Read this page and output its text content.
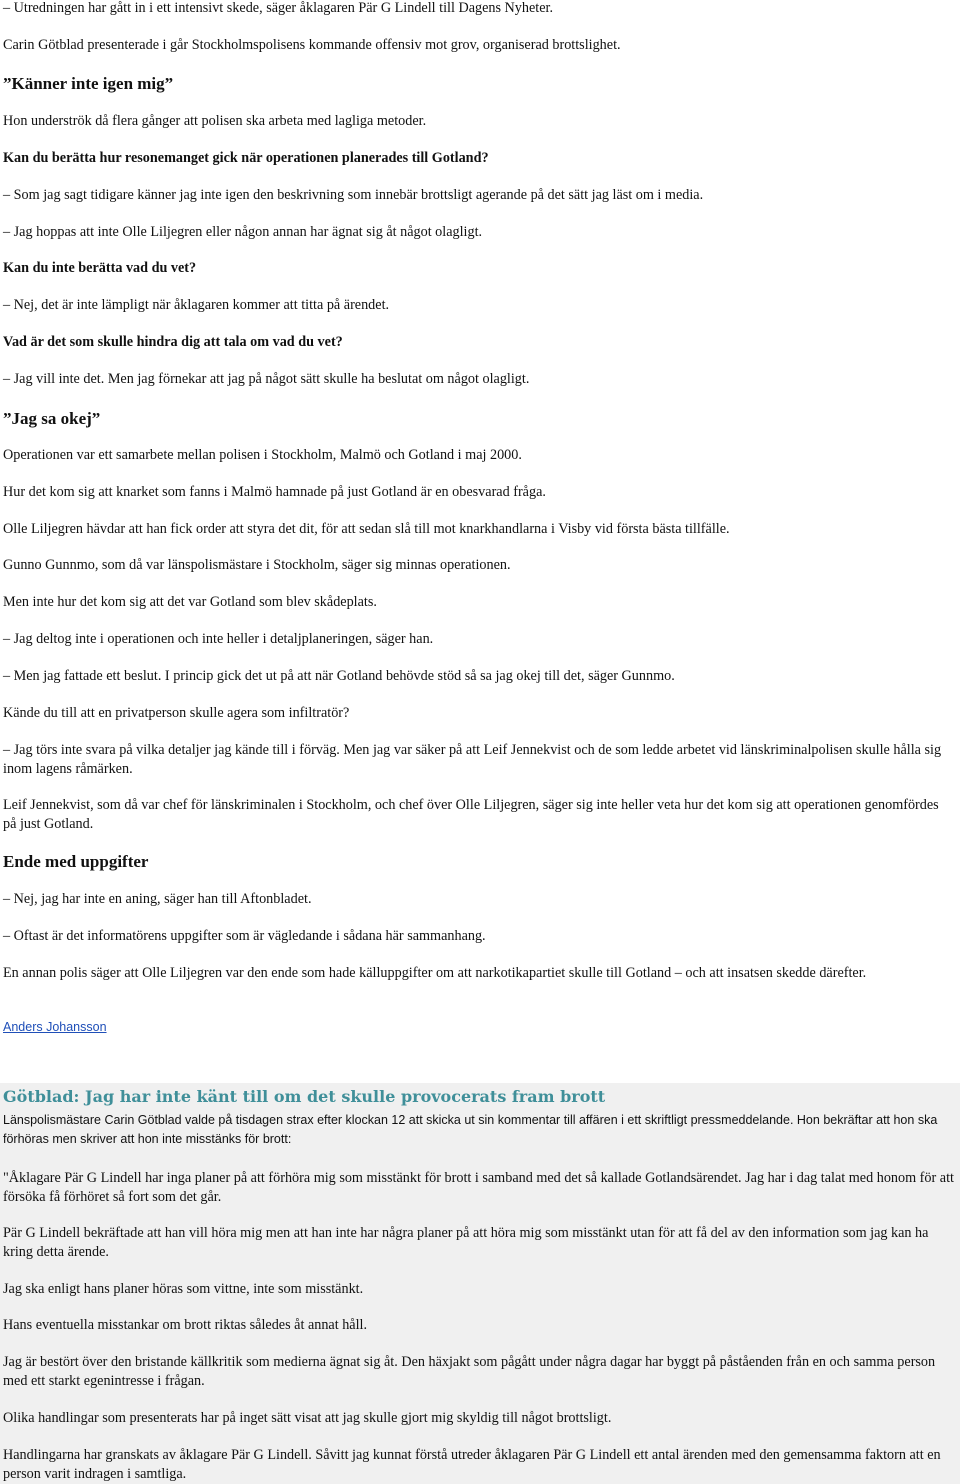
– Utredningen har gått in i ett intensivt skede, säger åklagaren Pär G Lindell till Dagens Nyheter.

Carin Götblad presenterade i går Stockholmspolisens kommande offensiv mot grov, organiserad brottslighet.

”Känner inte igen mig”

Hon underströk då flera gånger att polisen ska arbeta med lagliga metoder.

Kan du berätta hur resonemanget gick när operationen planerades till Gotland?

– Som jag sagt tidigare känner jag inte igen den beskrivning som innebär brottsligt agerande på det sätt jag läst om i media.

– Jag hoppas att inte Olle Liljegren eller någon annan har ägnat sig åt något olagligt.

Kan du inte berätta vad du vet?

– Nej, det är inte lämpligt när åklagaren kommer att titta på ärendet.

Vad är det som skulle hindra dig att tala om vad du vet?

– Jag vill inte det. Men jag förnekar att jag på något sätt skulle ha beslutat om något olagligt.

”Jag sa okej”

Operationen var ett samarbete mellan polisen i Stockholm, Malmö och Gotland i maj 2000.

Hur det kom sig att knarket som fanns i Malmö hamnade på just Gotland är en obesvarad fråga.

Olle Liljegren hävdar att han fick order att styra det dit, för att sedan slå till mot knarkhandlarna i Visby vid första bästa tillfälle.

Gunno Gunnmo, som då var länspolismästare i Stockholm, säger sig minnas operationen.

Men inte hur det kom sig att det var Gotland som blev skådeplats.

– Jag deltog inte i operationen och inte heller i detaljplaneringen, säger han.

– Men jag fattade ett beslut. I princip gick det ut på att när Gotland behövde stöd så sa jag okej till det, säger Gunnmo.

Kände du till att en privatperson skulle agera som infiltratör?

– Jag törs inte svara på vilka detaljer jag kände till i förväg. Men jag var säker på att Leif Jennekvist och de som ledde arbetet vid länskriminalpolisen skulle hålla sig inom lagens råmärken.

Leif Jennekvist, som då var chef för länskriminalen i Stockholm, och chef över Olle Liljegren, säger sig inte heller veta hur det kom sig att operationen genomfördes på just Gotland.

Ende med uppgifter

– Nej, jag har inte en aning, säger han till Aftonbladet.

– Oftast är det informatörens uppgifter som är vägledande i sådana här sammanhang.

En annan polis säger att Olle Liljegren var den ende som hade källuppgifter om att narkotikapartiet skulle till Gotland – och att insatsen skedde därefter.

Anders Johansson

Götblad: Jag har inte känt till om det skulle provocerats fram brott

Länspolismästare Carin Götblad valde på tisdagen strax efter klockan 12 att skicka ut sin kommentar till affären i ett skriftligt pressmeddelande. Hon bekräftar att hon ska förhöras men skriver att hon inte misstänks för brott:

"Åklagare Pär G Lindell har inga planer på att förhöra mig som misstänkt för brott i samband med det så kallade Gotlandsärendet. Jag har i dag talat med honom för att försöka få förhöret så fort som det går.

Pär G Lindell bekräftade att han vill höra mig men att han inte har några planer på att höra mig som misstänkt utan för att få del av den information som jag kan ha kring detta ärende.

Jag ska enligt hans planer höras som vittne, inte som misstänkt.

Hans eventuella misstankar om brott riktas således åt annat håll.

Jag är bestört över den bristande källkritik som medierna ägnat sig åt. Den häxjakt som pågått under några dagar har byggt på påståenden från en och samma person med ett starkt egenintresse i frågan.

Olika handlingar som presenterats har på inget sätt visat att jag skulle gjort mig skyldig till något brottsligt.

Handlingarna har granskats av åklagare Pär G Lindell. Såvitt jag kunnat förstå utreder åklagaren Pär G Lindell ett antal ärenden med den gemensamma faktorn att en person varit indragen i samtliga.
